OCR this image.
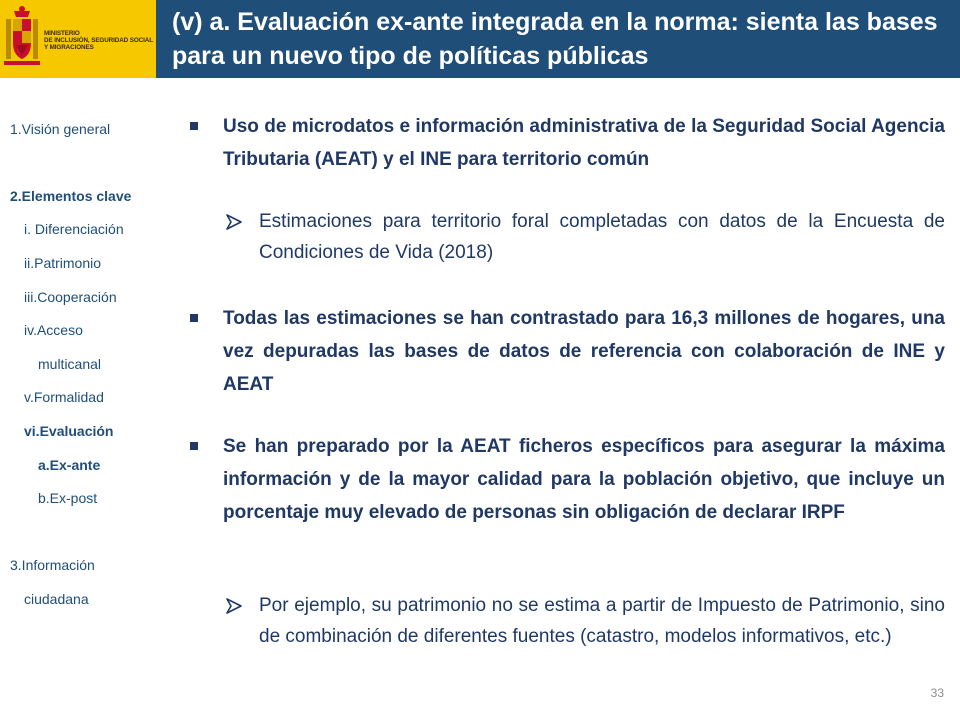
MINISTERIO
DE INCLUSIÓN, SEGURIDAD SOCIAL
Y MIGRACIONES
(v) a. Evaluación ex-ante integrada en la norma: sienta las bases para un nuevo tipo de políticas públicas
1.Visión general
2.Elementos clave
i. Diferenciación
ii.Patrimonio
iii.Cooperación
iv.Acceso
multicanal
v.Formalidad
vi.Evaluación
a.Ex-ante
b.Ex-post
3.Información
ciudadana
Uso de microdatos e información administrativa de la Seguridad Social Agencia Tributaria (AEAT) y el INE para territorio común
Estimaciones para territorio foral completadas con datos de la Encuesta de Condiciones de Vida (2018)
Todas las estimaciones se han contrastado para 16,3 millones de hogares, una vez depuradas las bases de datos de referencia con colaboración de INE y AEAT
Se han preparado por la AEAT ficheros específicos para asegurar la máxima información y de la mayor calidad para la población objetivo, que incluye un porcentaje muy elevado de personas sin obligación de declarar IRPF
Por ejemplo, su patrimonio no se estima a partir de Impuesto de Patrimonio, sino de combinación de diferentes fuentes (catastro, modelos informativos, etc.)
33
